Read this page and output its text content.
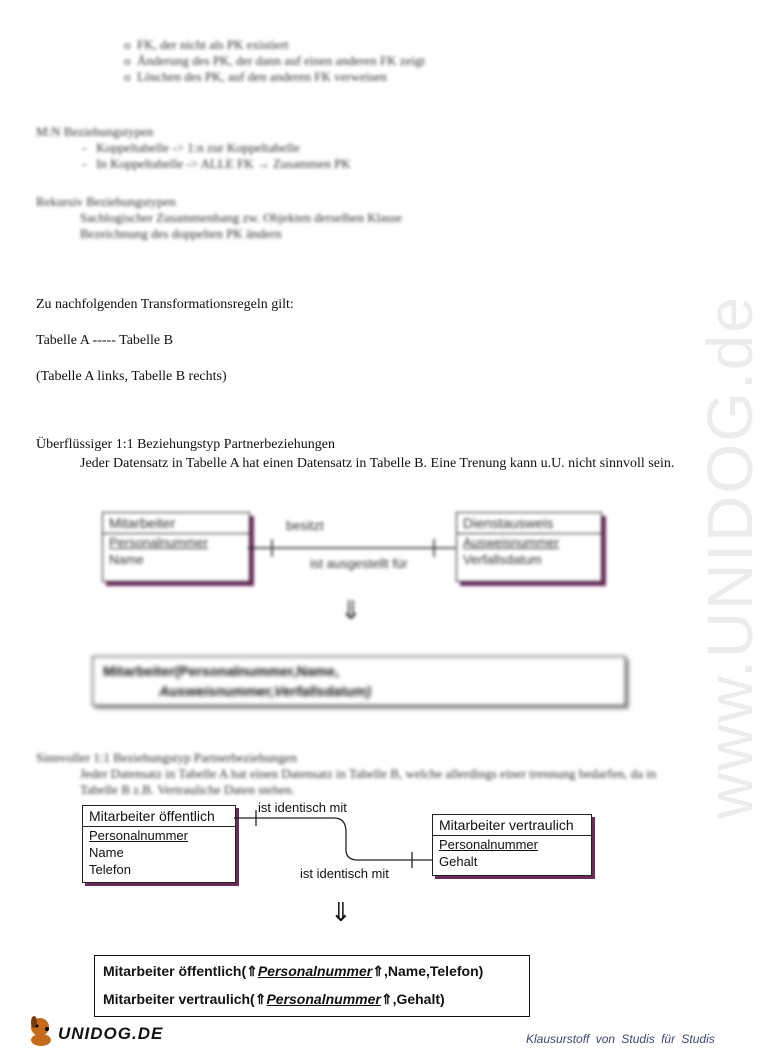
www.UNIDOG.de
o  FK, der nicht als PK existiert
o  Änderung des PK, der dann auf einen anderen FK zeigt
o  Löschen des PK, auf den anderen FK verweisen
M:N Beziehungstypen
-   Koppeltabelle -> 1:n zur Koppeltabelle
-   In Koppeltabelle -> ALLE FK → Zusammen PK
Rekursiv Beziehungstypen
Sachlogischer Zusammenhang zw. Objekten derselben Klasse
Bezeichnung des doppelten PK ändern
Zu nachfolgenden Transformationsregeln gilt:
Tabelle A ----- Tabelle B
(Tabelle A links, Tabelle B rechts)
Überflüssiger 1:1 Beziehungstyp Partnerbeziehungen
Jeder Datensatz in Tabelle A hat einen Datensatz in Tabelle B. Eine Trenung kann u.U. nicht sinnvoll sein.
Mitarbeiter
Personalnummer
Name
Dienstausweis
Ausweisnummer
Verfallsdatum
besitzt
ist ausgestellt für
⇓
Mitarbeiter(Personalnummer,Name,
Ausweisnummer,Verfallsdatum)
Sinnvoller 1:1 Beziehungstyp Partnerbeziehungen
Jeder Datensatz in Tabelle A hat einen Datensatz in Tabelle B, welche allerdings einer trennung bedarfen, da in Tabelle B z.B. Vertrauliche Daten stehen.
Mitarbeiter öffentlich
Personalnummer
Name
Telefon
Mitarbeiter vertraulich
Personalnummer
Gehalt
ist identisch mit
ist identisch mit
⇓
Mitarbeiter öffentlich(⇑Personalnummer⇑,Name,Telefon)
Mitarbeiter vertraulich(⇑Personalnummer⇑,Gehalt)
UNIDOG.DE	Klausurstoff von Studis für Studis
